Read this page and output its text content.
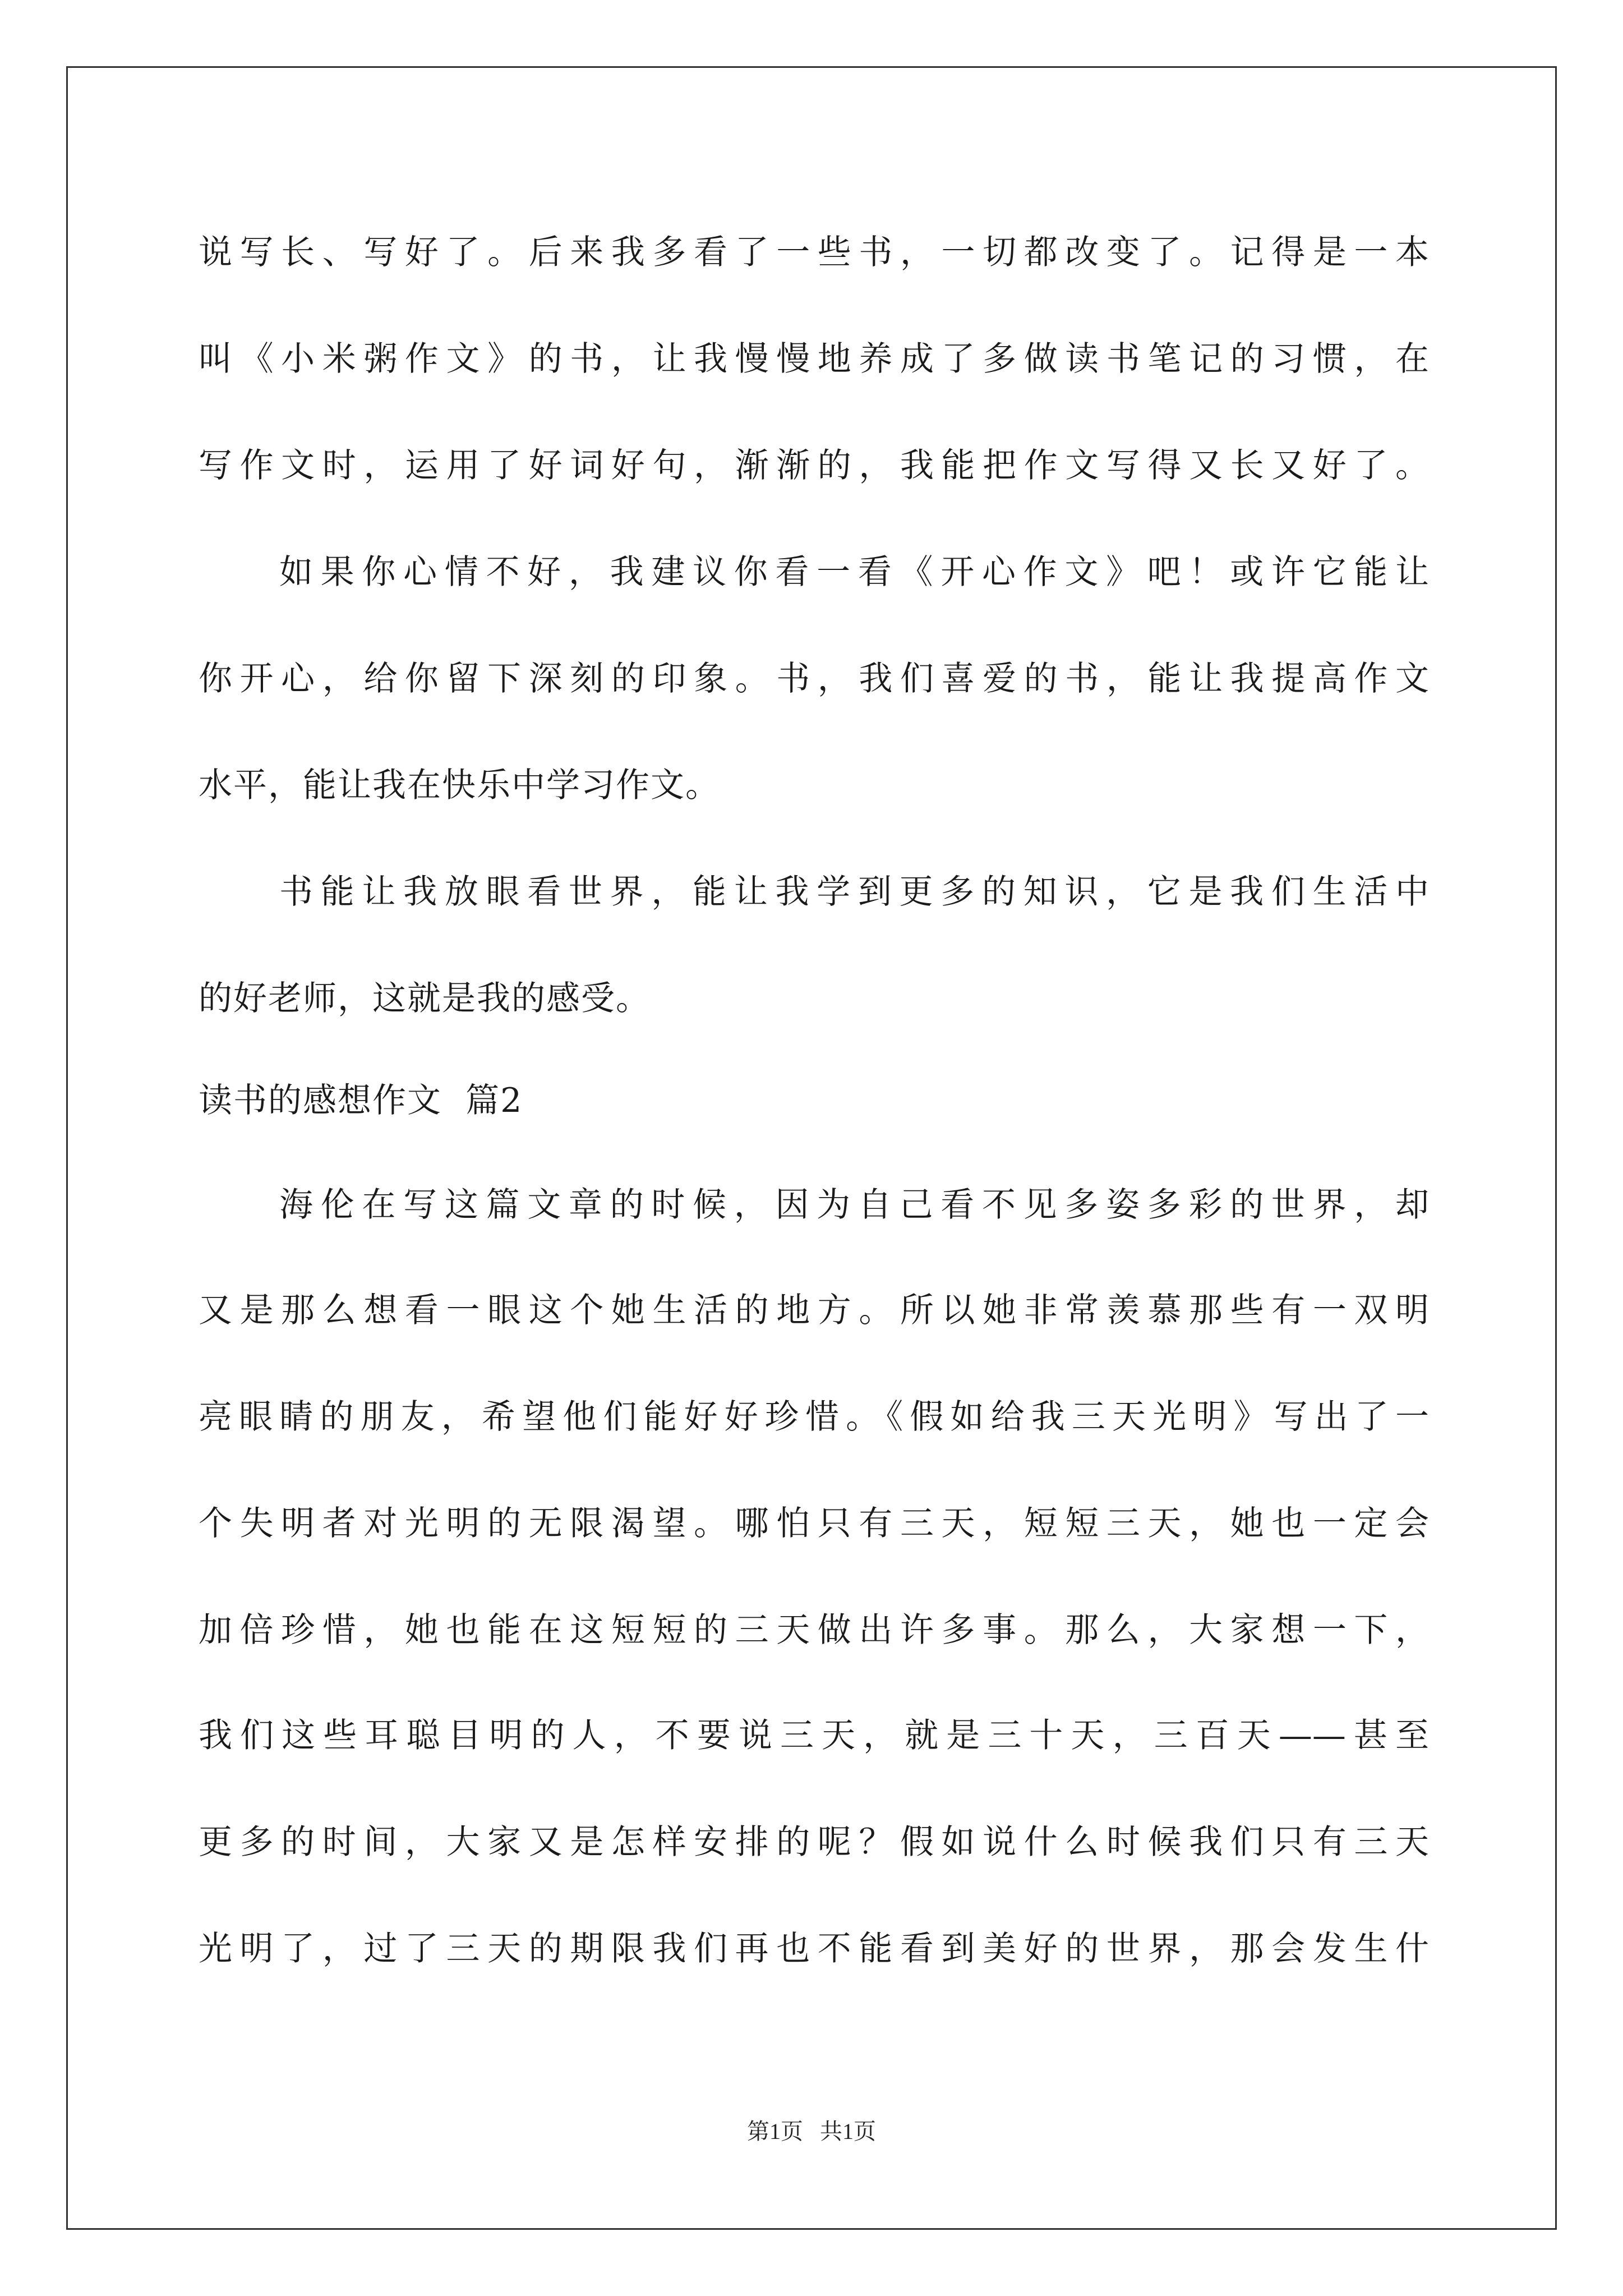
说写长、写好了。后来我多看了一些书，一切都改变了。记得是一本
叫《小米粥作文》的书，让我慢慢地养成了多做读书笔记的习惯，在
写作文时，运用了好词好句，渐渐的，我能把作文写得又长又好了。
如果你心情不好，我建议你看一看《开心作文》吧！或许它能让
你开心，给你留下深刻的印象。书，我们喜爱的书，能让我提高作文
水平，能让我在快乐中学习作文。
书能让我放眼看世界，能让我学到更多的知识，它是我们生活中
的好老师，这就是我的感受。
读书的感想作文  篇2
海伦在写这篇文章的时候，因为自己看不见多姿多彩的世界，却
又是那么想看一眼这个她生活的地方。所以她非常羡慕那些有一双明
亮眼睛的朋友，希望他们能好好珍惜。《假如给我三天光明》写出了一
个失明者对光明的无限渴望。哪怕只有三天，短短三天，她也一定会
加倍珍惜，她也能在这短短的三天做出许多事。那么，大家想一下，
我们这些耳聪目明的人，不要说三天，就是三十天，三百天——甚至
更多的时间，大家又是怎样安排的呢？假如说什么时候我们只有三天
光明了，过了三天的期限我们再也不能看到美好的世界，那会发生什
第1页   共1页
